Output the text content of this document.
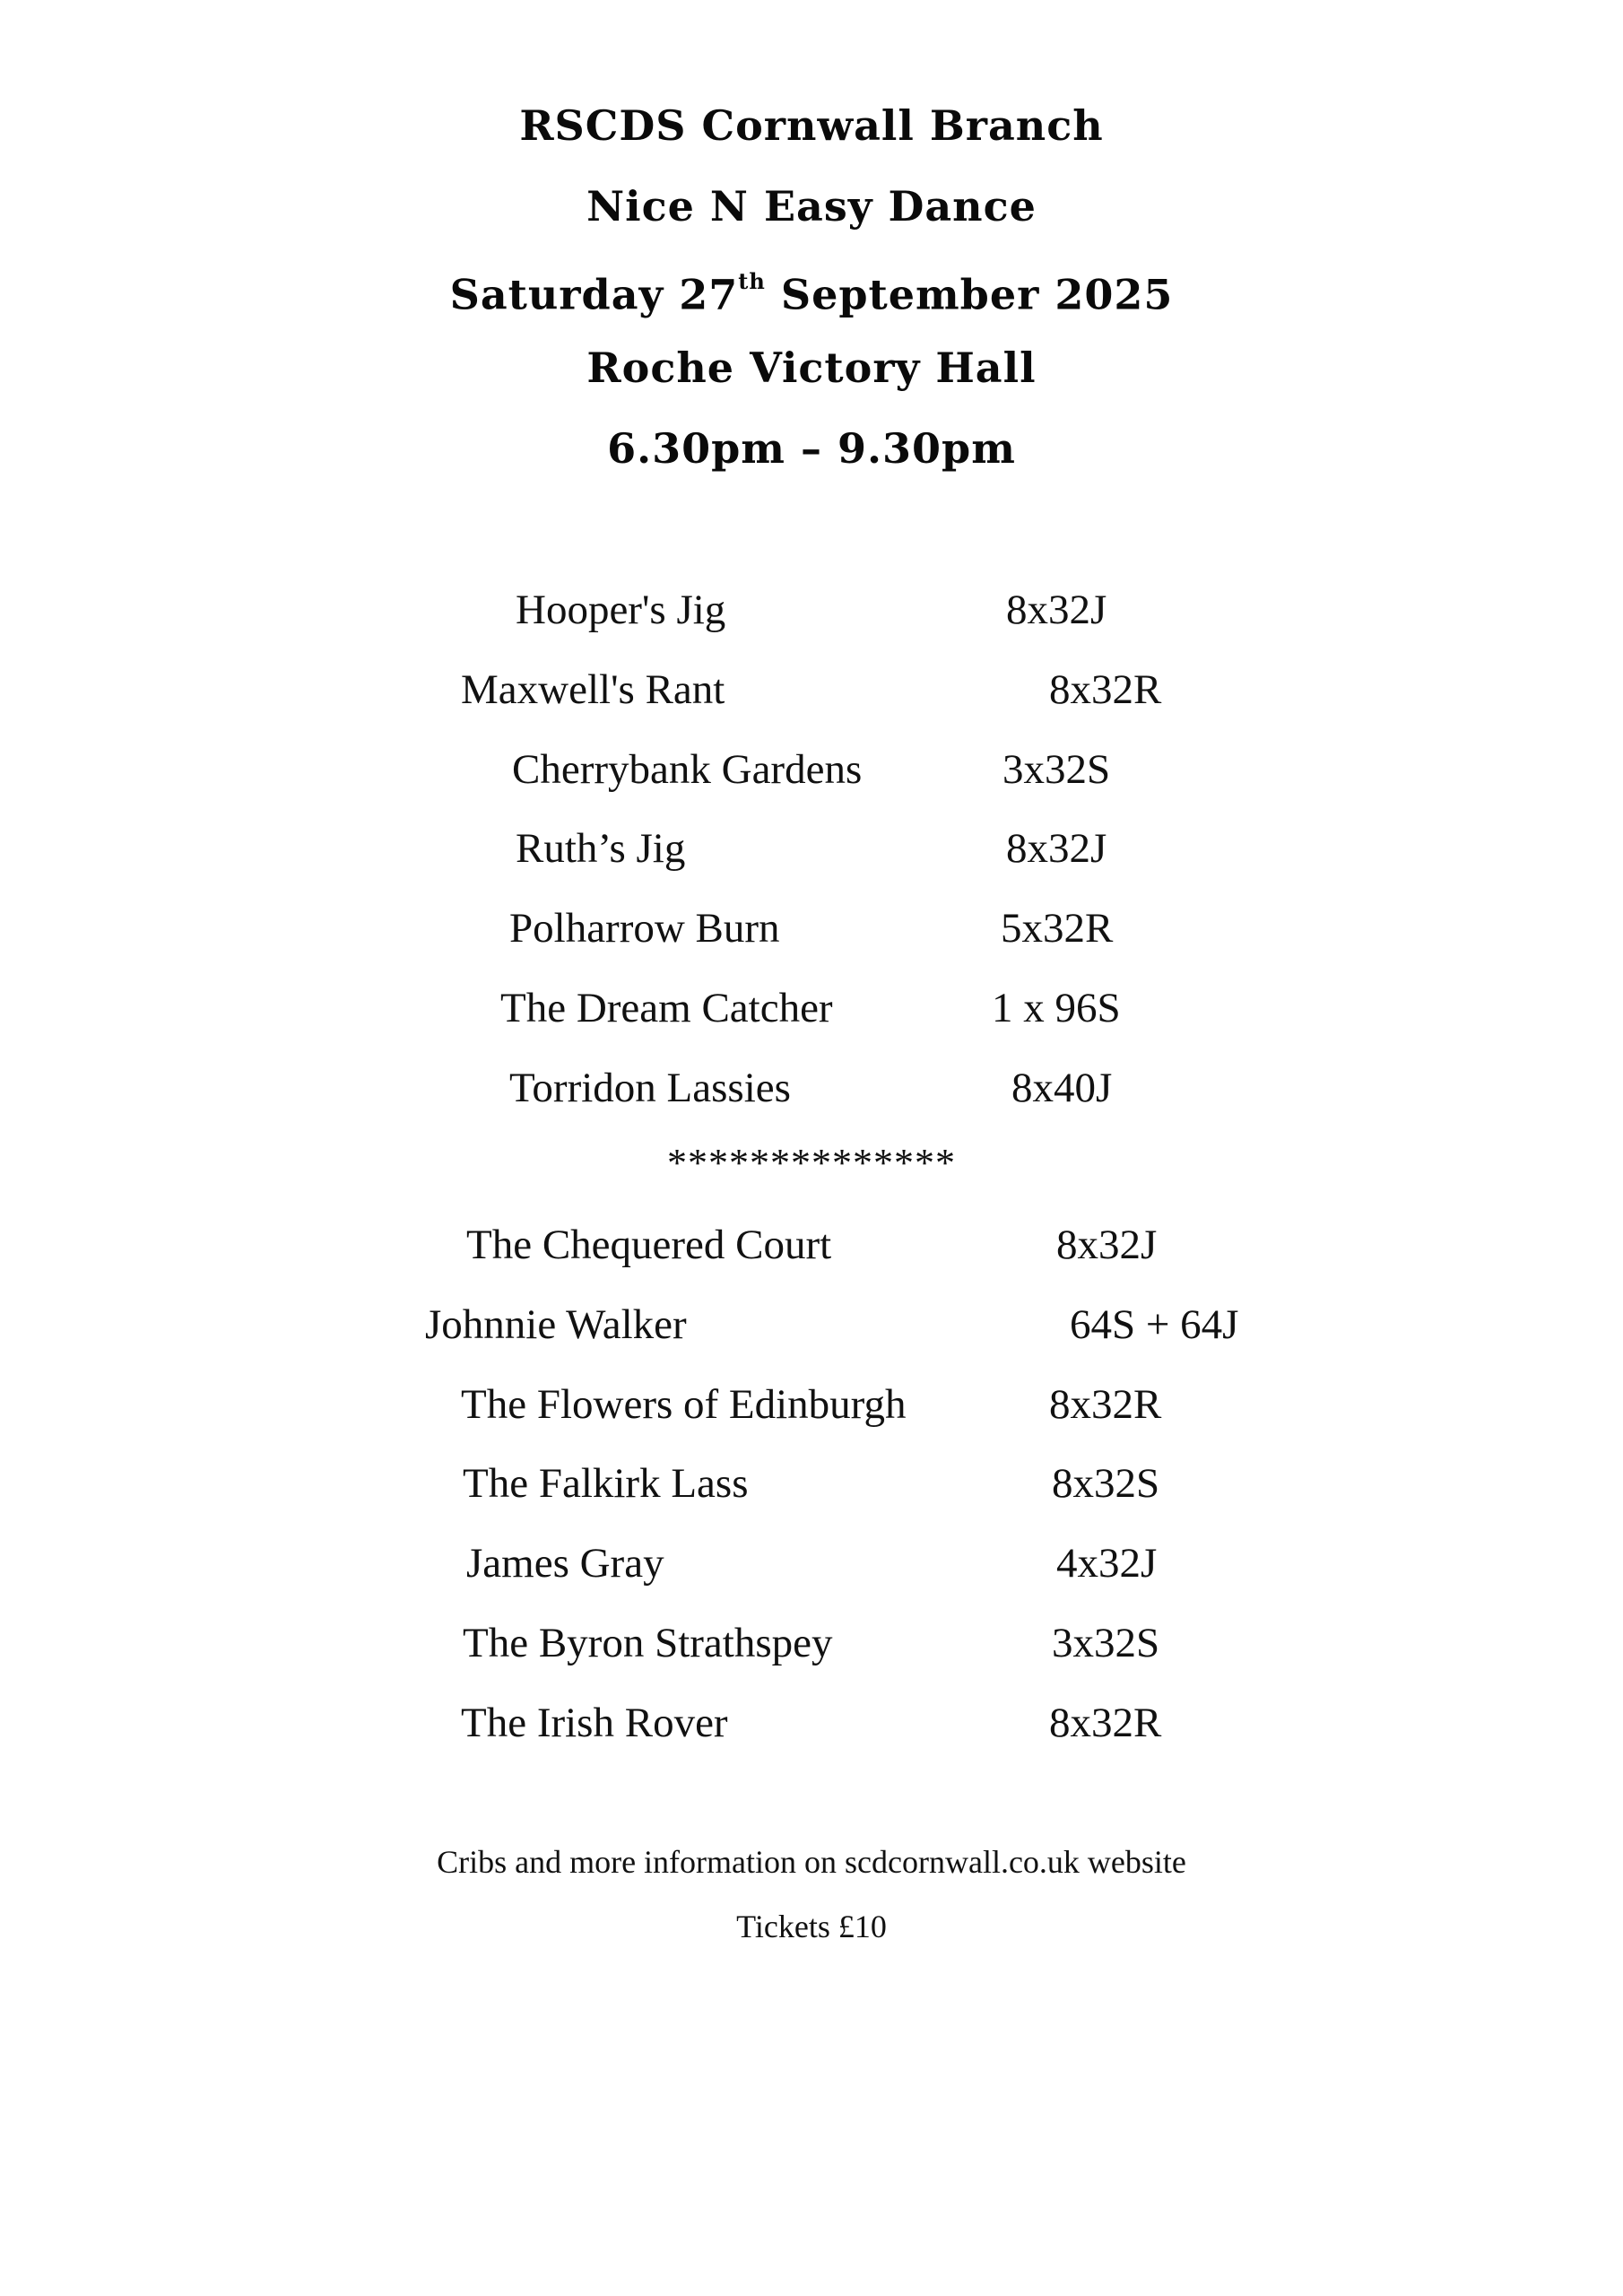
RSCDS Cornwall Branch
Nice N Easy Dance
Saturday 27th September 2025
Roche Victory Hall
6.30pm – 9.30pm
Hooper's Jig	8x32J
Maxwell's Rant	8x32R
Cherrybank Gardens	3x32S
Ruth’s Jig	8x32J
Polharrow Burn	5x32R
The Dream Catcher	1 x 96S
Torridon Lassies	8x40J
**************
The Chequered Court	8x32J
Johnnie Walker	64S + 64J
The Flowers of Edinburgh	8x32R
The Falkirk Lass	8x32S
James Gray	4x32J
The Byron Strathspey	3x32S
The Irish Rover	8x32R
Cribs and more information on scdcornwall.co.uk website
Tickets £10
